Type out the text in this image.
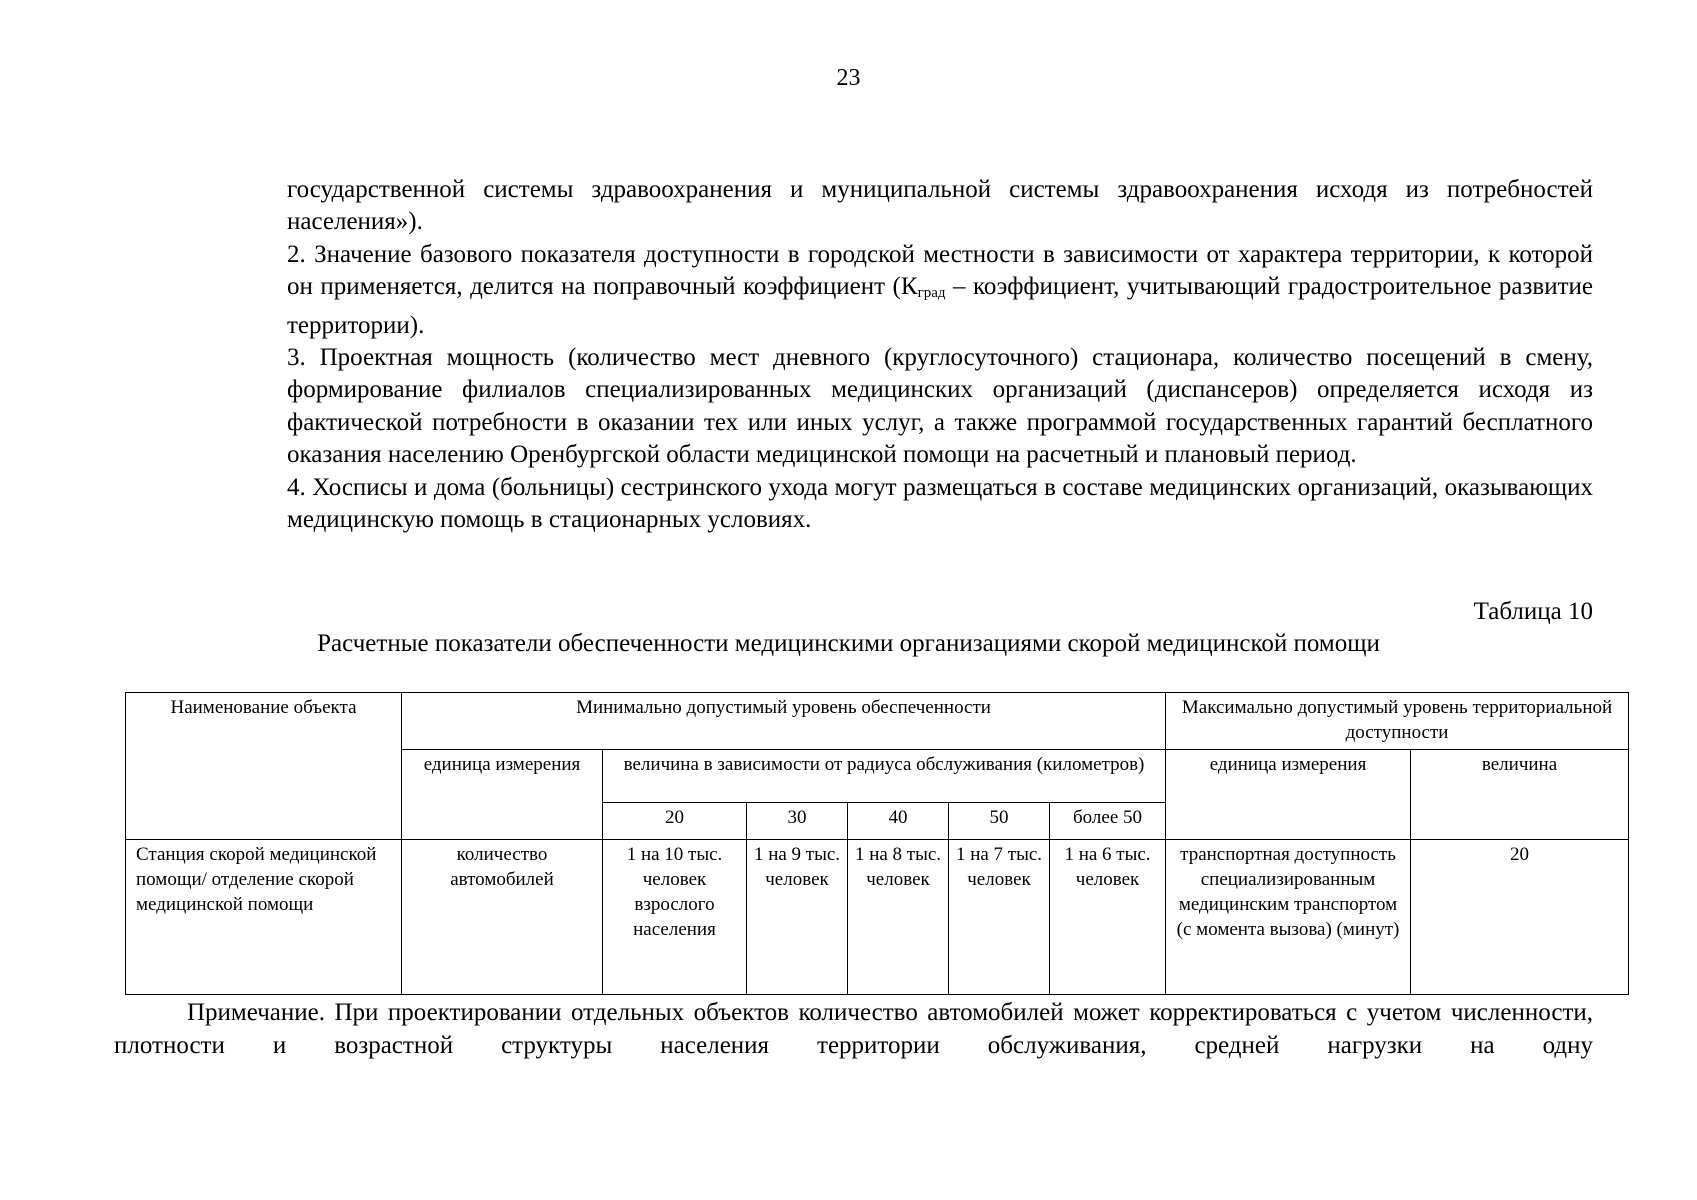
23

государственной системы здравоохранения и муниципальной системы здравоохранения исходя из потребностей населения»).

2. Значение базового показателя доступности в городской местности в зависимости от характера территории, к которой он применяется, делится на поправочный коэффициент ($К_{град}$ – коэффициент, учитывающий градостроительное развитие территории).

3. Проектная мощность (количество мест дневного (круглосуточного) стационара, количество посещений в смену, формирование филиалов специализированных медицинских организаций (диспансеров) определяется исходя из фактической потребности в оказании тех или иных услуг, а также программой государственных гарантий бесплатного оказания населению Оренбургской области медицинской помощи на расчетный и плановый период.

4. Хосписы и дома (больницы) сестринского ухода могут размещаться в составе медицинских организаций, оказывающих медицинскую помощь в стационарных условиях.

Таблица 10
Расчетные показатели обеспеченности медицинскими организациями скорой медицинской помощи
Наименование объекта	Минимально допустимый уровень обеспеченности						Максимально допустимый уровень территориальной доступности	
	единица измерения	величина в зависимости от радиуса обслуживания (километров)					единица измерения	величина
		20	30	40	50	более 50		
Станция скорой медицинской помощи/ отделение скорой медицинской помощи	количество автомобилей	1 на 10 тыс. человек взрослого населения	1 на 9 тыс. человек	1 на 8 тыс. человек	1 на 7 тыс. человек	1 на 6 тыс. человек	транспортная доступность специализированным медицинским транспортом (с момента вызова) (минут)	20

Примечание. При проектировании отдельных объектов количество автомобилей может корректироваться с учетом численности, плотности и возрастной структуры населения территории обслуживания, средней нагрузки на одну
